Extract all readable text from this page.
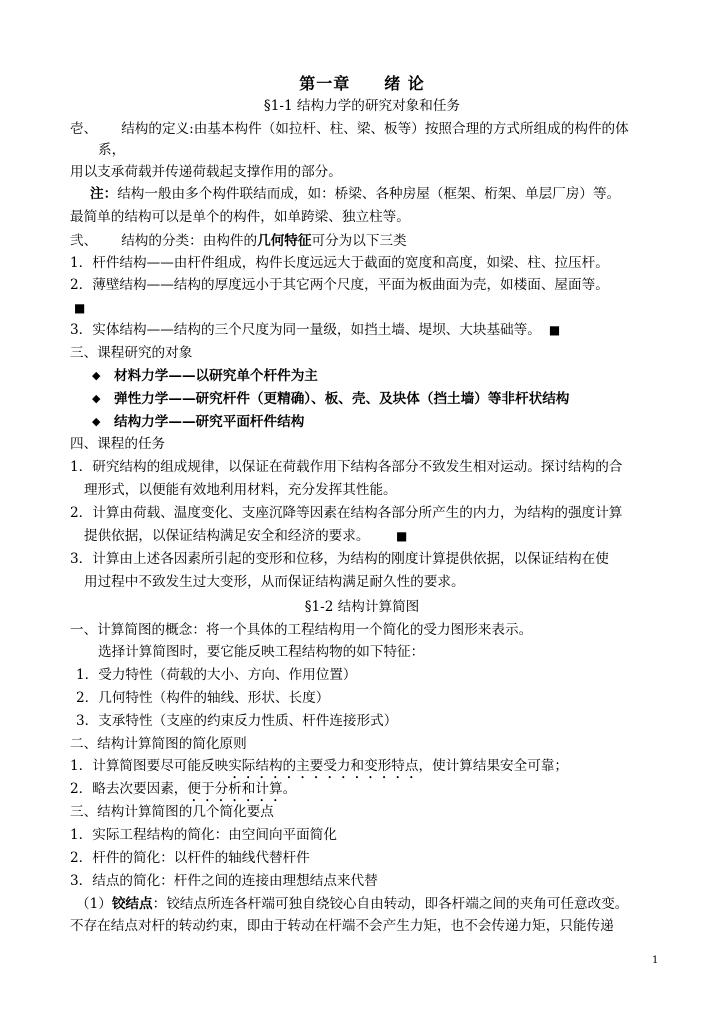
第一章 绪 论
§1-1 结构力学的研究对象和任务
壱、 结构的定义:由基本构件（如拉杆、柱、梁、板等）按照合理的方式所组成的构件的体
系，
用以支承荷载并传递荷载起支撑作用的部分。
注：结构一般由多个构件联结而成，如：桥梁、各种房屋（框架、桁架、单层厂房）等。
最简单的结构可以是单个的构件，如单跨梁、独立柱等。
弐、 结构的分类：由构件的几何特征可分为以下三类
1．杆件结构——由杆件组成，构件长度远远大于截面的宽度和高度，如梁、柱、拉压杆。
2．薄壁结构——结构的厚度远小于其它两个尺度，平面为板曲面为壳，如楼面、屋面等。
■
3．实体结构——结构的三个尺度为同一量级，如挡土墙、堤坝、大块基础等。 ■
三、课程研究的对象
◆ 材料力学——以研究单个杆件为主
◆ 弹性力学——研究杆件（更精确）、板、壳、及块体（挡土墙）等非杆状结构
◆ 结构力学——研究平面杆件结构
四、课程的任务
1．研究结构的组成规律，以保证在荷载作用下结构各部分不致发生相对运动。探讨结构的合
理形式，以便能有效地利用材料，充分发挥其性能。
2．计算由荷载、温度变化、支座沉降等因素在结构各部分所产生的内力，为结构的强度计算
提供依据，以保证结构满足安全和经济的要求。	■
3．计算由上述各因素所引起的变形和位移，为结构的刚度计算提供依据，以保证结构在使
用过程中不致发生过大变形，从而保证结构满足耐久性的要求。
§1-2 结构计算简图
一、计算简图的概念：将一个具体的工程结构用一个简化的受力图形来表示。
选择计算简图时，要它能反映工程结构物的如下特征：
1．受力特性（荷载的大小、方向、作用位置）
2．几何特性（构件的轴线、形状、长度）
3．支承特性（支座的约束反力性质、杆件连接形式）
二、结构计算简图的简化原则
1．计算简图要尽可能反映实际结构的主要受力和变形特点，使计算结果安全可靠；
2．略去次要因素，便于分析和计算。
三、结构计算简图的几个简化要点
1．实际工程结构的简化：由空间向平面简化
2．杆件的简化：以杆件的轴线代替杆件
3．结点的简化：杆件之间的连接由理想结点来代替
（1）铰结点：铰结点所连各杆端可独自绕铰心自由转动，即各杆端之间的夹角可任意改变。
不存在结点对杆的转动约束，即由于转动在杆端不会产生力矩，也不会传递力矩，只能传递
1
